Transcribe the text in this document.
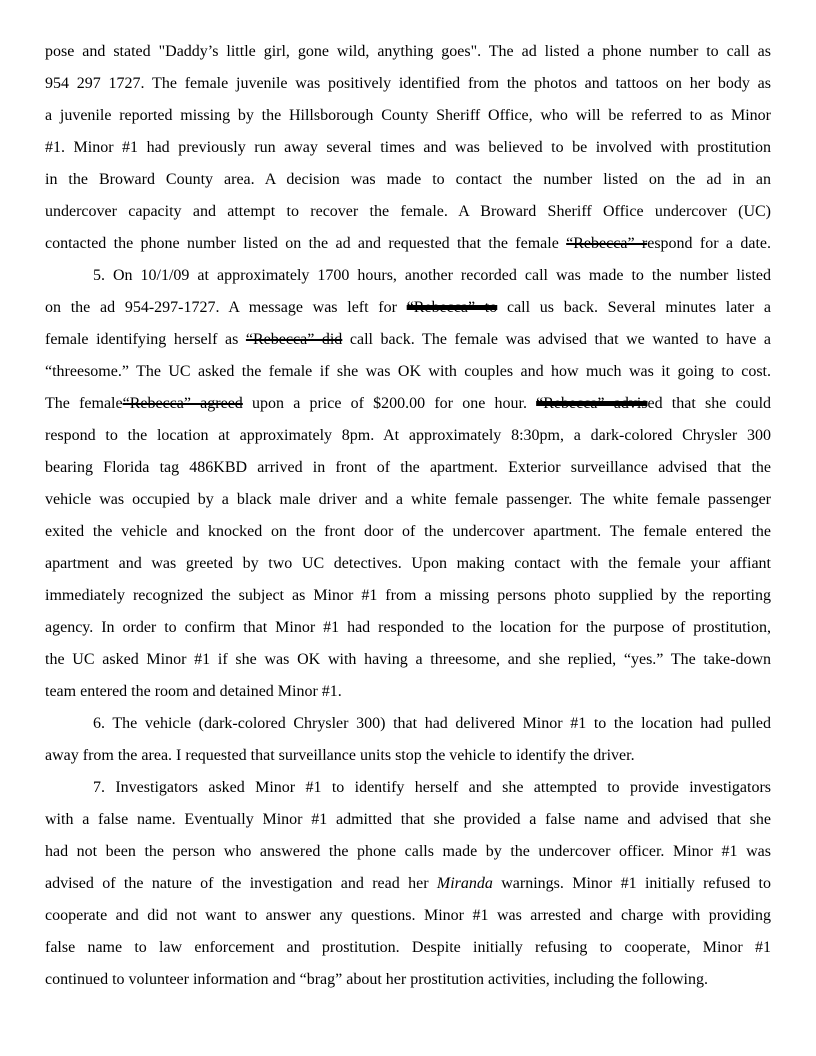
pose and stated "Daddy’s little girl, gone wild, anything goes". The ad listed a phone number to call as
954 297 1727. The female juvenile was positively identified from the photos and tattoos on her body as
a juvenile reported missing by the Hillsborough County Sheriff Office, who will be referred to as Minor
#1. Minor #1 had previously run away several times and was believed to be involved with prostitution
in the Broward County area. A decision was made to contact the number listed on the ad in an
undercover capacity and attempt to recover the female. A Broward Sheriff Office undercover (UC)
contacted the phone number listed on the ad and requested that the female “Rebecca” respond for a date.
5. On 10/1/09 at approximately 1700 hours, another recorded call was made to the number listed
on the ad 954-297-1727. A message was left for “Rebecca” to call us back. Several minutes later a
female identifying herself as “Rebecca” did call back. The female was advised that we wanted to have a
“threesome.” The UC asked the female if she was OK with couples and how much was it going to cost.
The female“Rebecca” agreed upon a price of $200.00 for one hour. “Rebecca” advised that she could
respond to the location at approximately 8pm. At approximately 8:30pm, a dark-colored Chrysler 300
bearing Florida tag 486KBD arrived in front of the apartment. Exterior surveillance advised that the
vehicle was occupied by a black male driver and a white female passenger. The white female passenger
exited the vehicle and knocked on the front door of the undercover apartment. The female entered the
apartment and was greeted by two UC detectives. Upon making contact with the female your affiant
immediately recognized the subject as Minor #1 from a missing persons photo supplied by the reporting
agency. In order to confirm that Minor #1 had responded to the location for the purpose of prostitution,
the UC asked Minor #1 if she was OK with having a threesome, and she replied, “yes.” The take-down
team entered the room and detained Minor #1.
6. The vehicle (dark-colored Chrysler 300) that had delivered Minor #1 to the location had pulled
away from the area. I requested that surveillance units stop the vehicle to identify the driver.
7. Investigators asked Minor #1 to identify herself and she attempted to provide investigators
with a false name. Eventually Minor #1 admitted that she provided a false name and advised that she
had not been the person who answered the phone calls made by the undercover officer. Minor #1 was
advised of the nature of the investigation and read her Miranda warnings. Minor #1 initially refused to
cooperate and did not want to answer any questions. Minor #1 was arrested and charge with providing
false name to law enforcement and prostitution. Despite initially refusing to cooperate, Minor #1
continued to volunteer information and “brag” about her prostitution activities, including the following.
